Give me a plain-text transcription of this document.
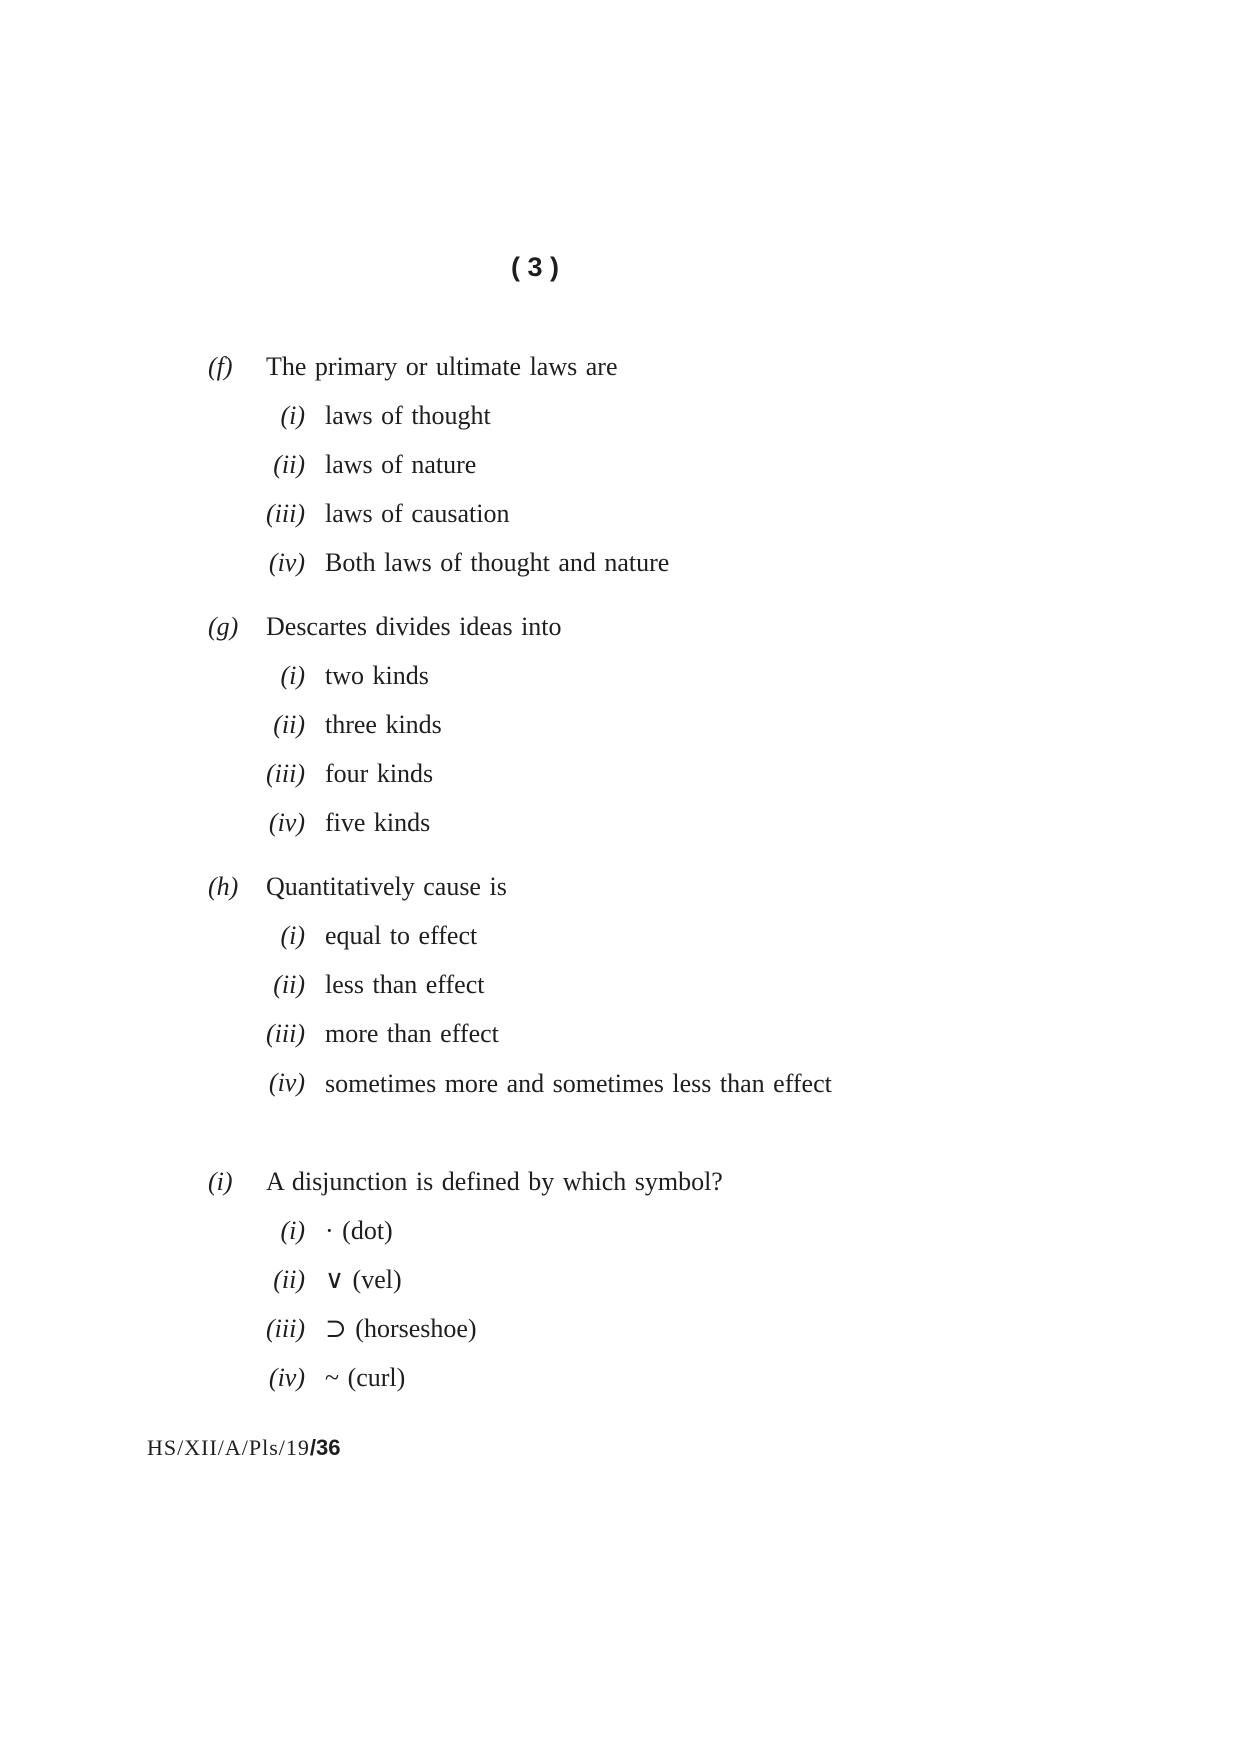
( 3 )
(f)	The primary or ultimate laws are
(i) laws of thought
(ii) laws of nature
(iii) laws of causation
(iv) Both laws of thought and nature
(g)	Descartes divides ideas into
(i) two kinds
(ii) three kinds
(iii) four kinds
(iv) five kinds
(h)	Quantitatively cause is
(i) equal to effect
(ii) less than effect
(iii) more than effect
(iv) sometimes more and sometimes less than effect
(i)	A disjunction is defined by which symbol?
(i) · (dot)
(ii) ∨ (vel)
(iii) ⊃ (horseshoe)
(iv) ~ (curl)
HS/XII/A/Pls/19/36
